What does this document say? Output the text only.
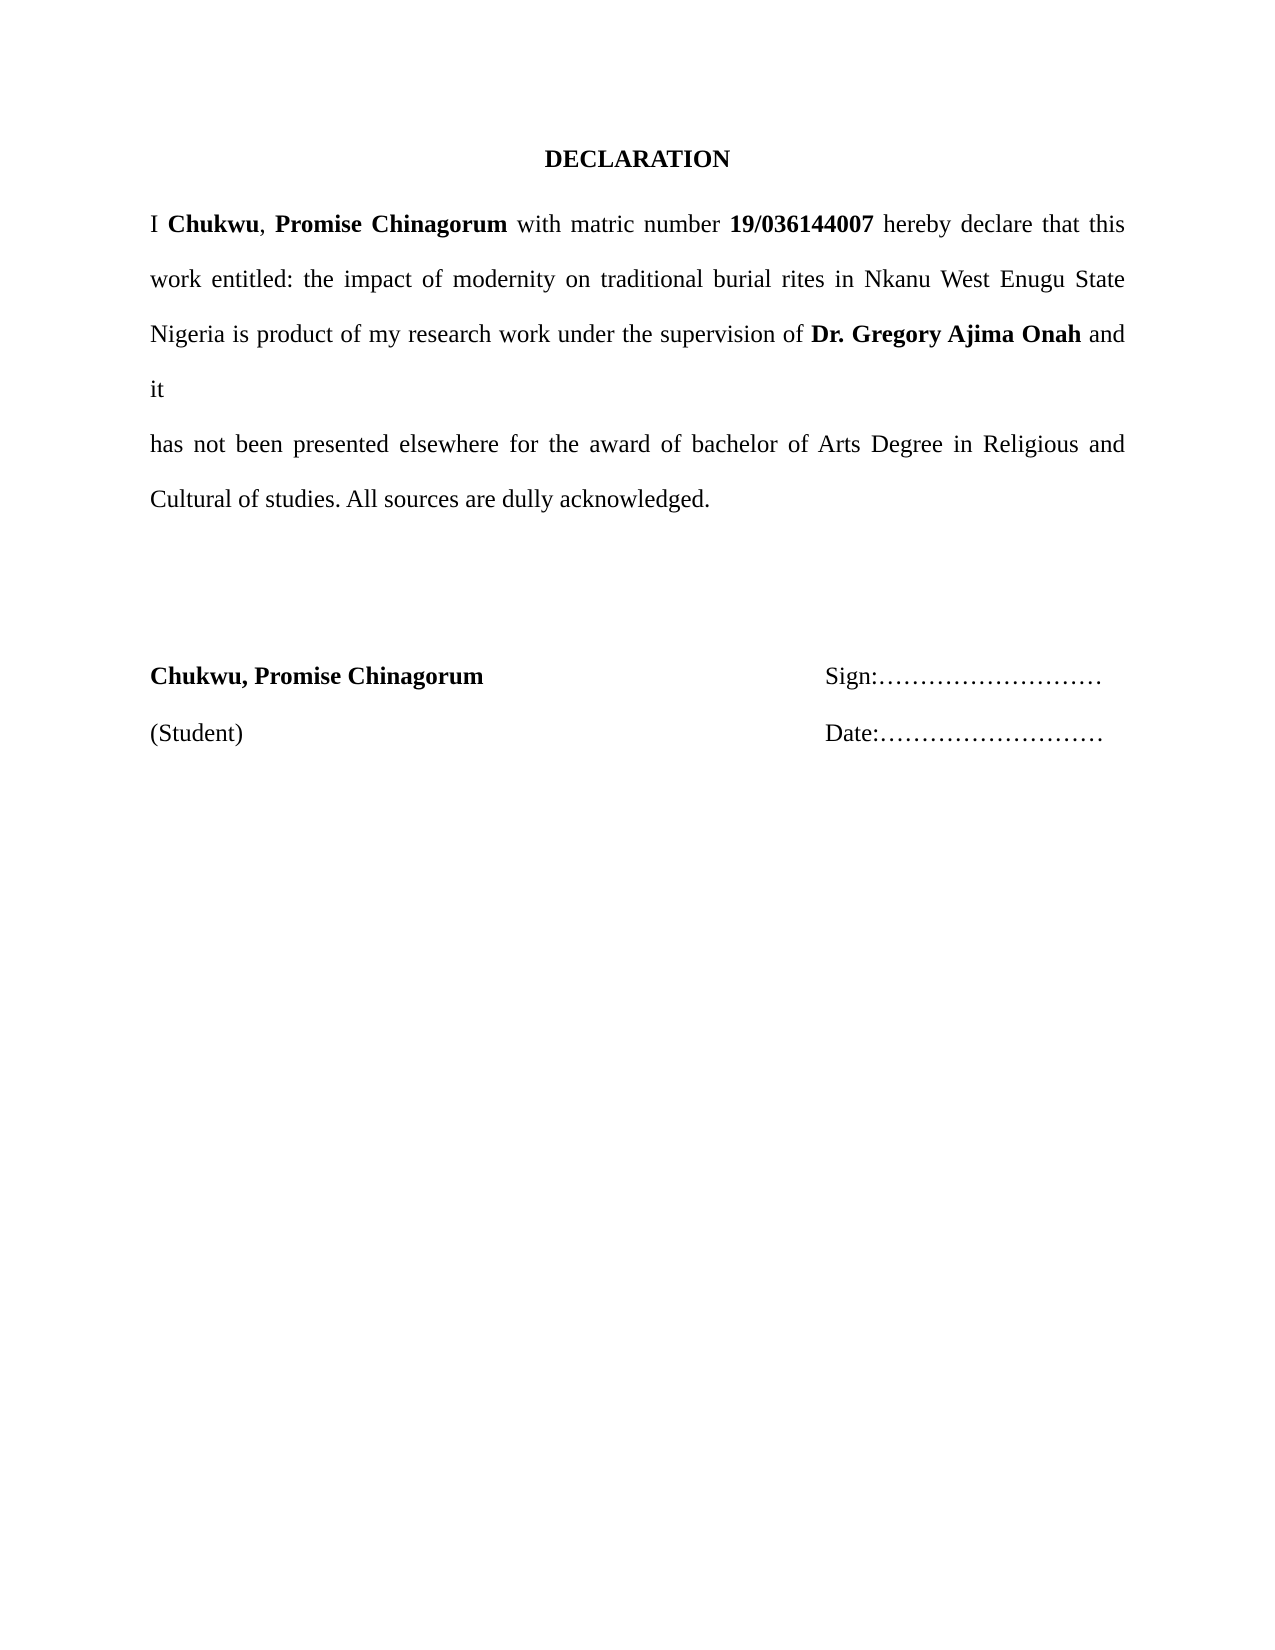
DECLARATION
I Chukwu, Promise Chinagorum with matric number 19/036144007 hereby declare that this
work entitled: the impact of modernity on traditional burial rites in Nkanu West Enugu State
Nigeria is product of my research work under the supervision of Dr. Gregory Ajima Onah and it
has not been presented elsewhere for the award of bachelor of Arts Degree in Religious and
Cultural of studies. All sources are dully acknowledged.
Chukwu, Promise Chinagorum	Sign:………………………
(Student)	Date:………………………
